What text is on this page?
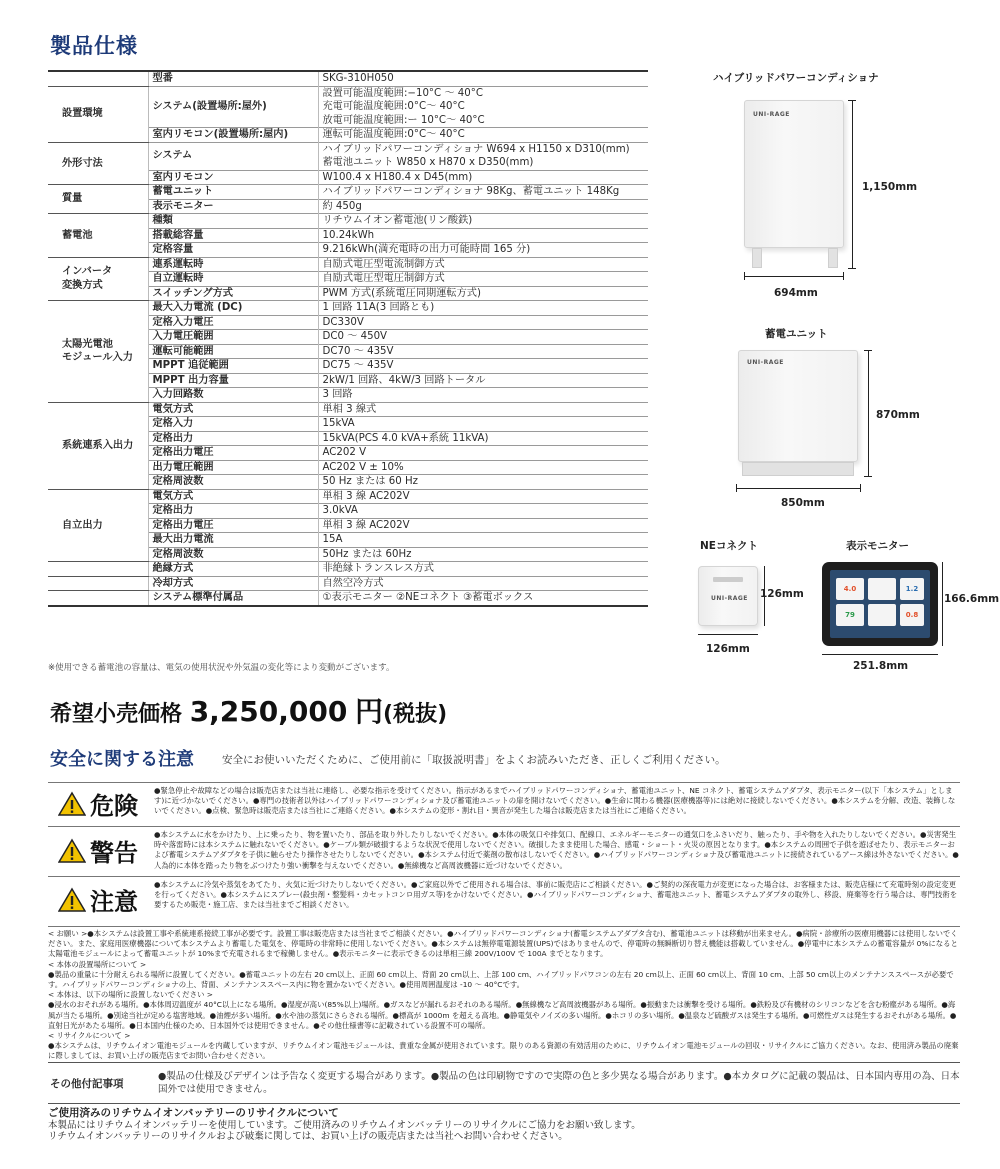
製品仕様
	型番	SKG-310H050

設置環境	システム(設置場所:屋外)	設置可能温度範囲:−10°C 〜 40°C
充電可能温度範囲:0°C〜 40°C
放電可能温度範囲:ー 10°C〜 40°C

	室内リモコン(設置場所:屋内)	運転可能温度範囲:0°C〜 40°C

外形寸法	システム	ハイブリッドパワーコンディショナ W694 x H1150 x D310(mm)
蓄電池ユニット W850 x H870 x D350(mm)

	室内リモコン	W100.4 x H180.4 x D45(mm)

質量	蓄電ユニット	ハイブリッドパワーコンディショナ 98Kg、蓄電ユニット 148Kg

	表示モニター	約 450g

蓄電池	種類	リチウムイオン蓄電池(リン酸鉄)

	搭載総容量	10.24kWh

	定格容量	9.216kWh(満充電時の出力可能時間 165 分)

インバータ
変換方式	連系運転時	自励式電圧型電流制御方式

	自立運転時	自励式電圧型電圧制御方式

	スイッチング方式	PWM 方式(系統電圧同期運転方式)

太陽光電池
モジュール入力	最大入力電流 (DC)	1 回路 11A(3 回路とも)

	定格入力電圧	DC330V

	入力電圧範囲	DC0 〜 450V

	運転可能範囲	DC70 〜 435V

	MPPT 追従範囲	DC75 〜 435V

	MPPT 出力容量	2kW/1 回路、4kW/3 回路トータル

	入力回路数	3 回路

系統連系入出力	電気方式	単相 3 線式

	定格入力	15kVA

	定格出力	15kVA(PCS 4.0 kVA+系統 11kVA)

	定格出力電圧	AC202 V

	出力電圧範囲	AC202 V ± 10%

	定格周波数	50 Hz または 60 Hz

自立出力	電気方式	単相 3 線 AC202V

	定格出力	3.0kVA

	定格出力電圧	単相 3 線 AC202V

	最大出力電流	15A

	定格周波数	50Hz または 60Hz

	絶縁方式	非絶縁トランスレス方式

	冷却方式	自然空冷方式

	システム標準付属品	①表示モニター ②NEコネクト ③蓄電ボックス
※使用できる蓄電池の容量は、電気の使用状況や外気温の変化等により変動がございます。
ハイブリッドパワーコンディショナ
UNI-RAGE
1,150mm
694mm
蓄電ユニット
UNI-RAGE
870mm
850mm
NEコネクト
UNI-RAGE 126mm
126mm
表示モニター
4.0	1.2
79	0.8
166.6mm
251.8mm
希望小売価格 3,250,000 円(税抜)
安全に関する注意	安全にお使いいただくために、ご使用前に「取扱説明書」をよくお読みいただき、正しくご利用ください。
危険
●緊急停止や故障などの場合は販売店または当社に連絡し、必要な指示を受けてください。指示があるまでハイブリッドパワーコンディショナ、蓄電池ユニット、NE コネクト、蓄電システムアダプタ、表示モニター(以下「本システム」とします)に近づかないでください。●専門の技術者以外はハイブリッドパワーコンディショナ及び蓄電池ユニットの扉を開けないでください。●生命に関わる機器(医療機器等)には絶対に接続しないでください。●本システムを分解、改造、装飾しないでください。●点検、緊急時は販売店または当社にご連絡ください。●本システムの変形・割れ目・異音が発生した場合は販売店または当社にご連絡ください。
警告
●本システムに水をかけたり、上に乗ったり、物を置いたり、部品を取り外したりしないでください。●本体の吸気口や排気口、配線口、エネルギーモニターの通気口をふさいだり、触ったり、手や物を入れたりしないでください。●災害発生時や落雷時には本システムに触れないでください。●ケーブル類が破損するような状況で使用しないでください。破損したまま使用した場合、感電・ショート・火災の原因となります。●本システムの周囲で子供を遊ばせたり、表示モニターおよび蓄電システムアダプタを子供に触らせたり操作させたりしないでください。●本システム付近で薬剤の散布はしないでください。●ハイブリッドパワーコンディショナ及び蓄電池ユニットに接続されているアース線は外さないでください。●人為的に本体を踏ったり物をぶつけたり強い衝撃を与えないでください。●無線機など高周波機器に近づけないでください。
注意
●本システムに冷気や蒸気をあてたり、火気に近づけたりしないでください。●ご家庭以外でご使用される場合は、事前に販売店にご相談ください。●ご契約の深夜電力が変更になった場合は、お客様または、販売店様にて充電時刻の設定変更を行ってください。●本システムにスプレー(殺虫剤・整髪料・カセットコンロ用ガス等)をかけないでください。●ハイブリッドパワーコンディショナ、蓄電池ユニット、蓄電システムアダプタの取外し、移設、廃棄等を行う場合は、専門技術を要するため販売・施工店、または当社までご相談ください。
< お願い >●本システムは設置工事や系統連系接続工事が必要です。設置工事は販売店または当社までご相談ください。●ハイブリッドパワーコンディショナ(蓄電システムアダプタ含む)、蓄電池ユニットは移動が出来ません。●病院・診療所の医療用機器には使用しないでください。また、家庭用医療機器について本システムより蓄電した電気を、停電時の非常時に使用しないでください。●本システムは無停電電源装置(UPS)ではありませんので、停電時の無瞬断切り替え機能は搭載していません。●停電中に本システムの蓄電容量が 0%になると太陽電池モジュールによって蓄電ユニットが 10%まで充電されるまで稼働しません。●表示モニターに表示できるのは単相三線 200V/100V で 100A までとなります。
< 本体の設置場所について >
●製品の重量に十分耐えられる場所に設置してください。●蓄電ユニットの左右 20 cm以上、正面 60 cm以上、背面 20 cm以上、上部 100 cm、ハイブリッドパワコンの左右 20 cm以上、正面 60 cm以上、背面 10 cm、上部 50 cm以上のメンテナンススペースが必要です。ハイブリッドパワーコンディショナの上、背面、メンテナンススペース内に物を置かないでください。●使用周囲温度は -10 〜 40°Cです。
< 本体は、以下の場所に設置しないでください >
●浸水のおそれがある場所。●本体周辺温度が 40°C以上になる場所。●湿度が高い(85%以上)場所。●ガスなどが漏れるおそれのある場所。●無線機など高周波機器がある場所。●振動または衝撃を受ける場所。●鉄粉及び有機材のシリコンなどを含む粉塵がある場所。●海風が当たる場所。●別途当社が定める塩害地域。●油煙が多い場所。●水や油の蒸気にさらされる場所。●標高が 1000m を超える高地。●静電気やノイズの多い場所。●ホコリの多い場所。●温泉など硫酸ガスは発生する場所。●可燃性ガスは発生するおそれがある場所。●直射日光があたる場所。●日本国内仕様のため、日本国外では使用できません。●その他仕様書等に記載されている設置不可の場所。
< リサイクルについて >
●本システムは、リチウムイオン電池モジュールを内蔵していますが、リチウムイオン電池モジュールは、貴重な金属が使用されています。限りのある資源の有効活用のために、リチウムイオン電池モジュールの回収・リサイクルにご協力ください。なお、使用済み製品の廃棄に際しましては、お買い上げの販売店までお問い合わせください。
その他付記事項
●製品の仕様及びデザインは予告なく変更する場合があります。●製品の色は印刷物ですので実際の色と多少異なる場合があります。●本カタログに記載の製品は、日本国内専用の為、日本国外では使用できません。
ご使用済みのリチウムイオンバッテリーのリサイクルについて
本製品にはリチウムイオンバッテリーを使用しています。ご使用済みのリチウムイオンバッテリーのリサイクルにご協力をお願い致します。
リチウムイオンバッテリーのリサイクルおよび破棄に関しては、お買い上げの販売店または当社へお問い合わせください。
